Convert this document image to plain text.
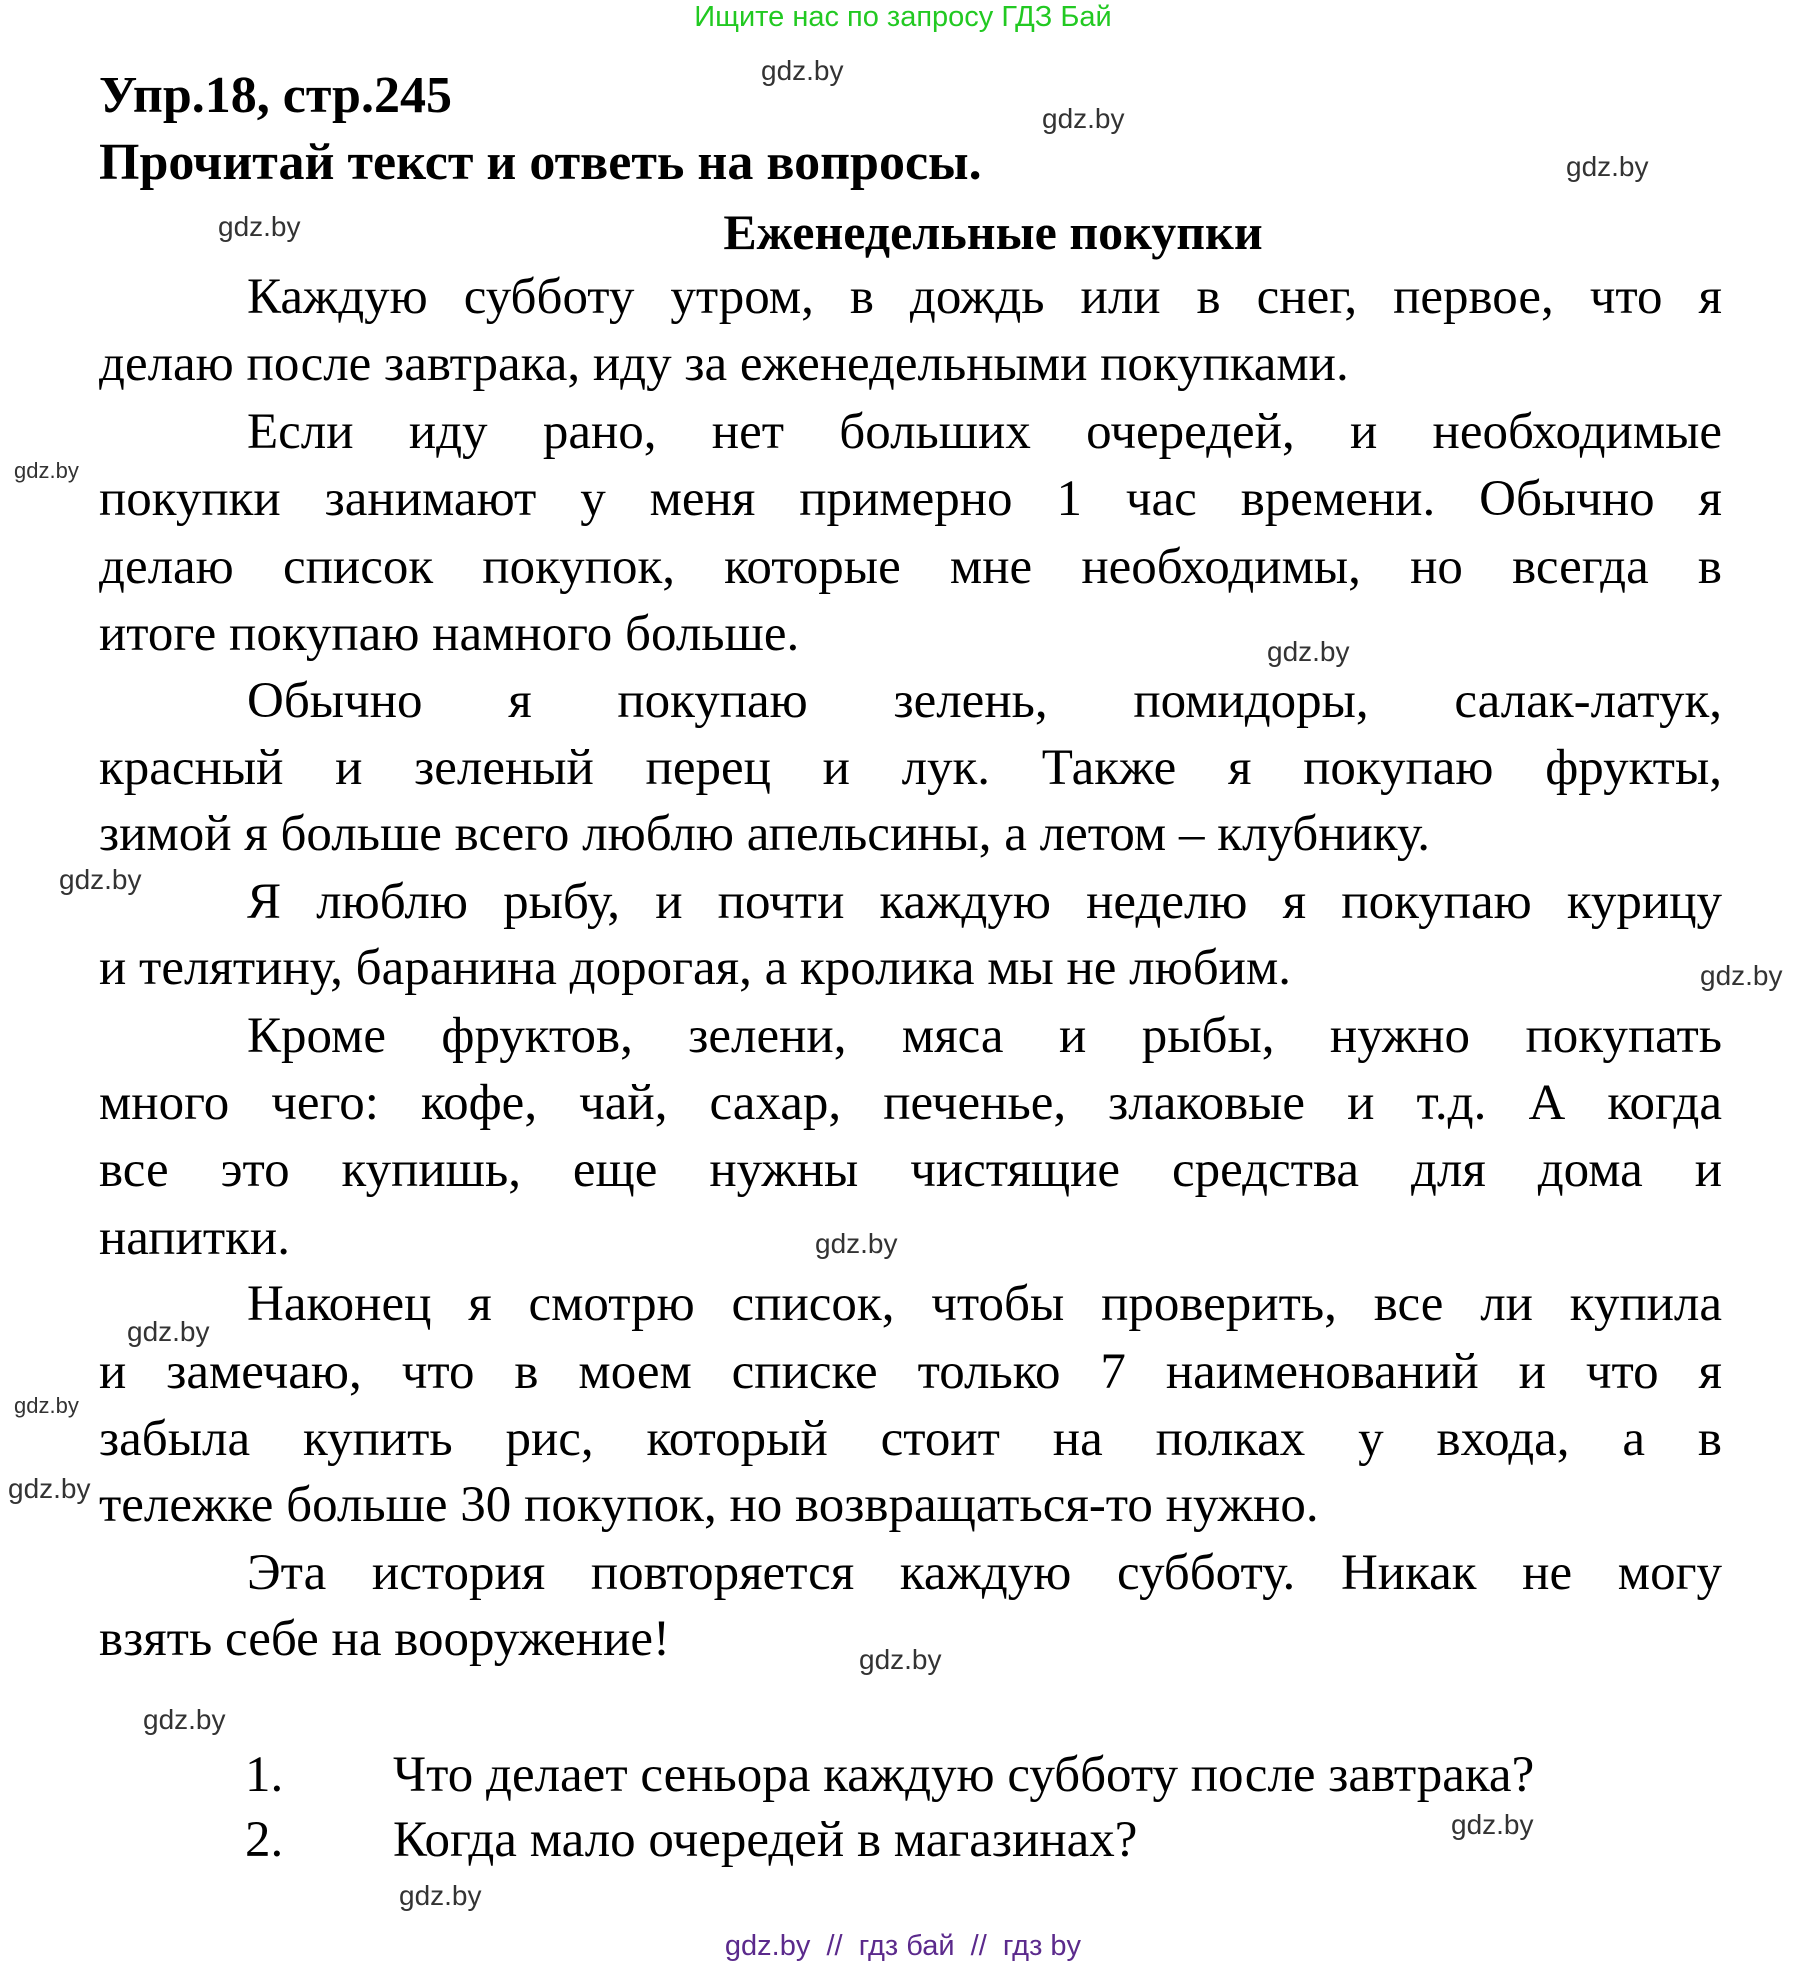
Ищите нас по запросу ГДЗ Бай
Упр.18, стр.245
Прочитай текст и ответь на вопросы.
Еженедельные покупки
Каждую субботу утром, в дождь или в снег, первое, что я
делаю после завтрака, иду за еженедельными покупками.
Если иду рано, нет больших очередей, и необходимые
покупки занимают у меня примерно 1 час времени. Обычно я
делаю список покупок, которые мне необходимы, но всегда в
итоге покупаю намного больше.
Обычно я покупаю зелень, помидоры, салак-латук,
красный и зеленый перец и лук. Также я покупаю фрукты,
зимой я больше всего люблю апельсины, а летом – клубнику.
Я люблю рыбу, и почти каждую неделю я покупаю курицу
и телятину, баранина дорогая, а кролика мы не любим.
Кроме фруктов, зелени, мяса и рыбы, нужно покупать
много чего: кофе, чай, сахар, печенье, злаковые и т.д. А когда
все это купишь, еще нужны чистящие средства для дома и
напитки.
Наконец я смотрю список, чтобы проверить, все ли купила
и замечаю, что в моем списке только 7 наименований и что я
забыла купить рис, который стоит на полках у входа, а в
тележке больше 30 покупок, но возвращаться-то нужно.
Эта история повторяется каждую субботу. Никак не могу
взять себе на вооружение!
1. Что делает сеньора каждую субботу после завтрака?
2. Когда мало очередей в магазинах?
gdz.by
gdz.by
gdz.by
gdz.by
gdz.by
gdz.by
gdz.by
gdz.by
gdz.by
gdz.by
gdz.by
gdz.by
gdz.by
gdz.by
gdz.by
gdz.by
gdz.by  //  гдз бай  //  гдз by
